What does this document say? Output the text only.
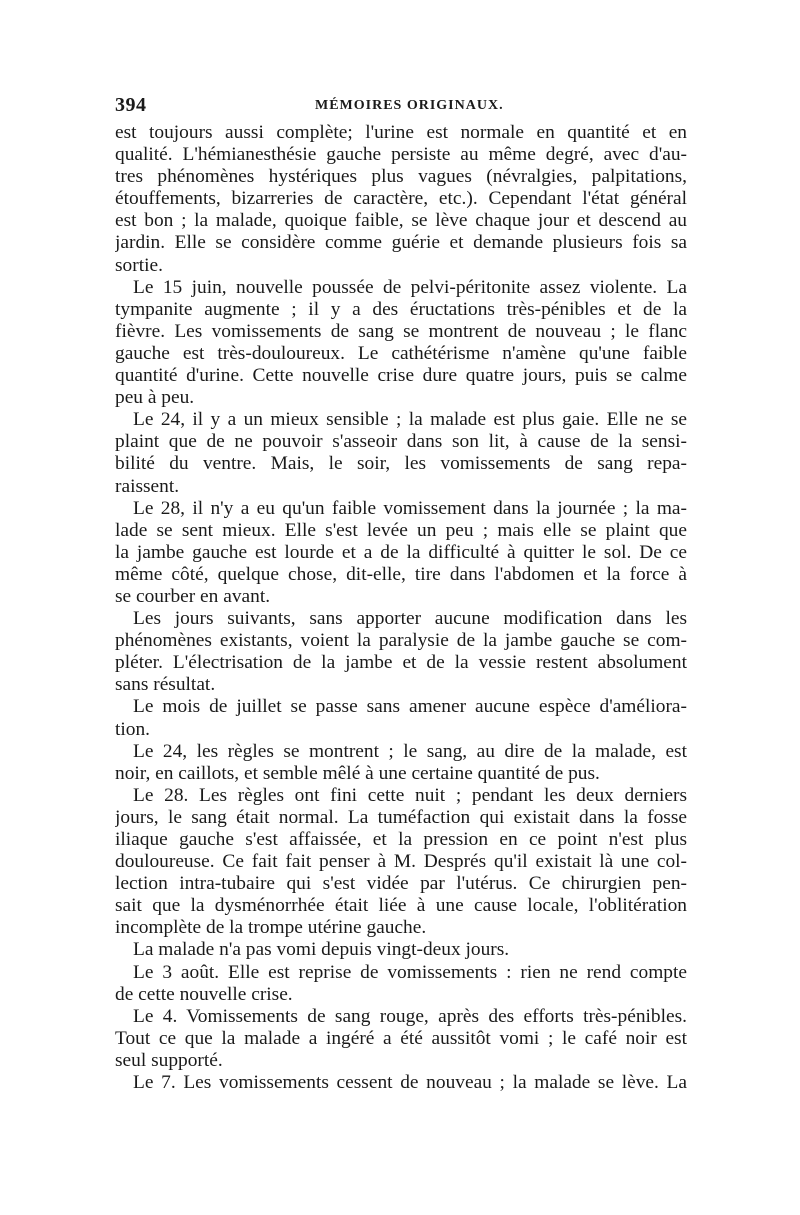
394	MÉMOIRES ORIGINAUX.
est toujours aussi complète; l'urine est normale en quantité et en
qualité. L'hémianesthésie gauche persiste au même degré, avec d'au-
tres phénomènes hystériques plus vagues (névralgies, palpitations,
étouffements, bizarreries de caractère, etc.). Cependant l'état général
est bon ; la malade, quoique faible, se lève chaque jour et descend au
jardin. Elle se considère comme guérie et demande plusieurs fois sa
sortie.
Le 15 juin, nouvelle poussée de pelvi-péritonite assez violente. La
tympanite augmente ; il y a des éructations très-pénibles et de la
fièvre. Les vomissements de sang se montrent de nouveau ; le flanc
gauche est très-douloureux. Le cathétérisme n'amène qu'une faible
quantité d'urine. Cette nouvelle crise dure quatre jours, puis se calme
peu à peu.
Le 24, il y a un mieux sensible ; la malade est plus gaie. Elle ne se
plaint que de ne pouvoir s'asseoir dans son lit, à cause de la sensi-
bilité du ventre. Mais, le soir, les vomissements de sang repa-
raissent.
Le 28, il n'y a eu qu'un faible vomissement dans la journée ; la ma-
lade se sent mieux. Elle s'est levée un peu ; mais elle se plaint que
la jambe gauche est lourde et a de la difficulté à quitter le sol. De ce
même côté, quelque chose, dit-elle, tire dans l'abdomen et la force à
se courber en avant.
Les jours suivants, sans apporter aucune modification dans les
phénomènes existants, voient la paralysie de la jambe gauche se com-
pléter. L'électrisation de la jambe et de la vessie restent absolument
sans résultat.
Le mois de juillet se passe sans amener aucune espèce d'améliora-
tion.
Le 24, les règles se montrent ; le sang, au dire de la malade, est
noir, en caillots, et semble mêlé à une certaine quantité de pus.
Le 28. Les règles ont fini cette nuit ; pendant les deux derniers
jours, le sang était normal. La tuméfaction qui existait dans la fosse
iliaque gauche s'est affaissée, et la pression en ce point n'est plus
douloureuse. Ce fait fait penser à M. Després qu'il existait là une col-
lection intra-tubaire qui s'est vidée par l'utérus. Ce chirurgien pen-
sait que la dysménorrhée était liée à une cause locale, l'oblitération
incomplète de la trompe utérine gauche.
La malade n'a pas vomi depuis vingt-deux jours.
Le 3 août. Elle est reprise de vomissements : rien ne rend compte
de cette nouvelle crise.
Le 4. Vomissements de sang rouge, après des efforts très-pénibles.
Tout ce que la malade a ingéré a été aussitôt vomi ; le café noir est
seul supporté.
Le 7. Les vomissements cessent de nouveau ; la malade se lève. La
